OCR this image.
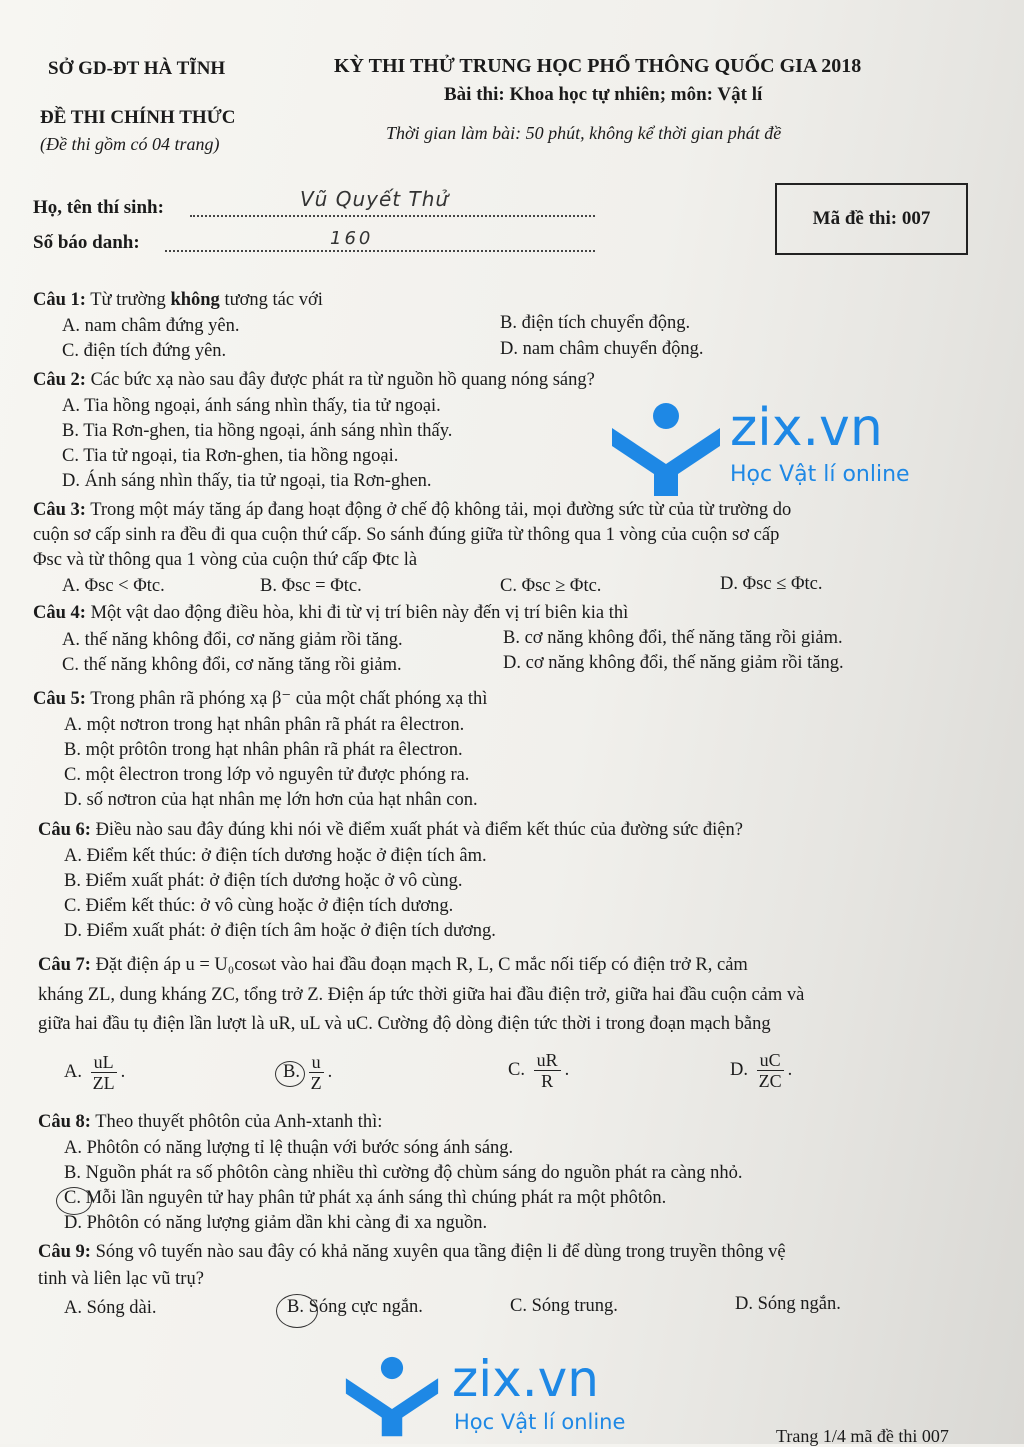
SỞ GD-ĐT HÀ TĨNH
ĐỀ THI CHÍNH THỨC
(Đề thi gồm có 04 trang)
KỲ THI THỬ TRUNG HỌC PHỔ THÔNG QUỐC GIA 2018
Bài thi: Khoa học tự nhiên; môn: Vật lí
Thời gian làm bài: 50 phút, không kể thời gian phát đề
Họ, tên thí sinh:	Vũ Quyết Thử
Số báo danh:	160
Mã đề thi: 007
Câu 1: Từ trường không tương tác với
A. nam châm đứng yên.	B. điện tích chuyển động.
C. điện tích đứng yên.	D. nam châm chuyển động.
Câu 2: Các bức xạ nào sau đây được phát ra từ nguồn hồ quang nóng sáng?
A. Tia hồng ngoại, ánh sáng nhìn thấy, tia tử ngoại.
B. Tia Rơn-ghen, tia hồng ngoại, ánh sáng nhìn thấy.
C. Tia tử ngoại, tia Rơn-ghen, tia hồng ngoại.
D. Ánh sáng nhìn thấy, tia tử ngoại, tia Rơn-ghen.
Câu 3: Trong một máy tăng áp đang hoạt động ở chế độ không tải, mọi đường sức từ của từ trường do
cuộn sơ cấp sinh ra đều đi qua cuộn thứ cấp. So sánh đúng giữa từ thông qua 1 vòng của cuộn sơ cấp
Φsc và từ thông qua 1 vòng của cuộn thứ cấp Φtc là
A. Φsc < Φtc.	B. Φsc = Φtc.	C. Φsc ≥ Φtc.	D. Φsc ≤ Φtc.
Câu 4: Một vật dao động điều hòa, khi đi từ vị trí biên này đến vị trí biên kia thì
A. thế năng không đổi, cơ năng giảm rồi tăng.	B. cơ năng không đổi, thế năng tăng rồi giảm.
C. thế năng không đổi, cơ năng tăng rồi giảm.	D. cơ năng không đổi, thế năng giảm rồi tăng.
Câu 5: Trong phân rã phóng xạ β⁻ của một chất phóng xạ thì
A. một nơtron trong hạt nhân phân rã phát ra êlectron.
B. một prôtôn trong hạt nhân phân rã phát ra êlectron.
C. một êlectron trong lớp vỏ nguyên tử được phóng ra.
D. số nơtron của hạt nhân mẹ lớn hơn của hạt nhân con.
Câu 6: Điều nào sau đây đúng khi nói về điểm xuất phát và điểm kết thúc của đường sức điện?
A. Điểm kết thúc: ở điện tích dương hoặc ở điện tích âm.
B. Điểm xuất phát: ở điện tích dương hoặc ở vô cùng.
C. Điểm kết thúc: ở vô cùng hoặc ở điện tích dương.
D. Điểm xuất phát: ở điện tích âm hoặc ở điện tích dương.
Câu 7: Đặt điện áp u = U₀cosωt vào hai đầu đoạn mạch R, L, C mắc nối tiếp có điện trở R, cảm
kháng ZL, dung kháng ZC, tổng trở Z. Điện áp tức thời giữa hai đầu điện trở, giữa hai đầu cuộn cảm và
giữa hai đầu tụ điện lần lượt là uR, uL và uC. Cường độ dòng điện tức thời i trong đoạn mạch bằng
A. $\frac{uL}{ZL}$ .	B. $\frac{u}{Z}$ .	C. $\frac{uR}{R}$ .	D. $\frac{uC}{ZC}$ .
Câu 8: Theo thuyết phôtôn của Anh-xtanh thì:
A. Phôtôn có năng lượng tỉ lệ thuận với bước sóng ánh sáng.
B. Nguồn phát ra số phôtôn càng nhiều thì cường độ chùm sáng do nguồn phát ra càng nhỏ.
C. Mỗi lần nguyên tử hay phân tử phát xạ ánh sáng thì chúng phát ra một phôtôn.
D. Phôtôn có năng lượng giảm dần khi càng đi xa nguồn.
Câu 9: Sóng vô tuyến nào sau đây có khả năng xuyên qua tầng điện li để dùng trong truyền thông vệ
tinh và liên lạc vũ trụ?
A. Sóng dài.	B. Sóng cực ngắn.	C. Sóng trung.	D. Sóng ngắn.
Trang 1/4 mã đề thi 007
zix.vn
Học Vật lí online
zix.vn
Học Vật lí online
